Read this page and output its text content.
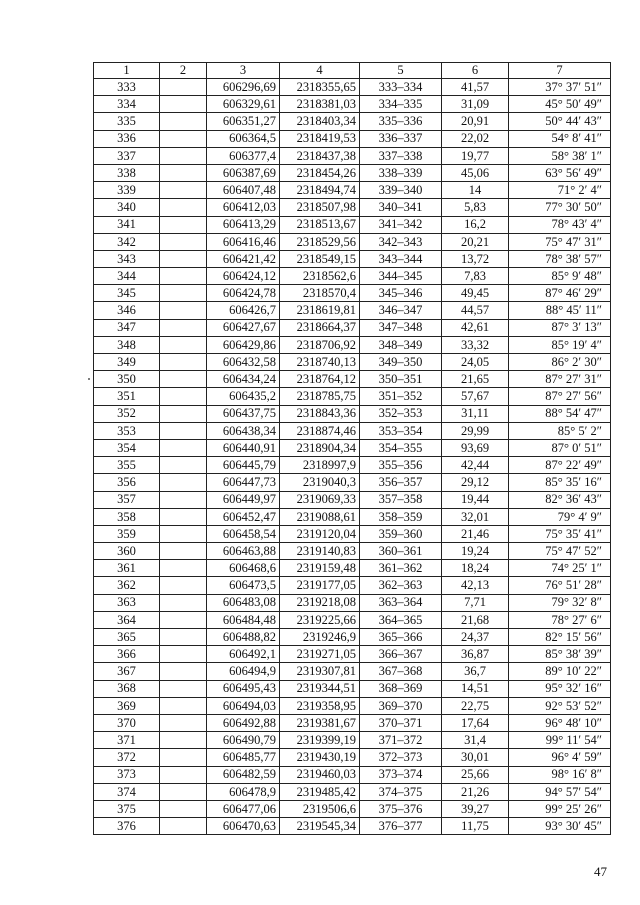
1	2	3	4	5	6	7
333		606296,69	2318355,65	333–334	41,57	37° 37′ 51″
334		606329,61	2318381,03	334–335	31,09	45° 50′ 49″
335		606351,27	2318403,34	335–336	20,91	50° 44′ 43″
336		606364,5	2318419,53	336–337	22,02	54° 8′ 41″
337		606377,4	2318437,38	337–338	19,77	58° 38′ 1″
338		606387,69	2318454,26	338–339	45,06	63° 56′ 49″
339		606407,48	2318494,74	339–340	14	71° 2′ 4″
340		606412,03	2318507,98	340–341	5,83	77° 30′ 50″
341		606413,29	2318513,67	341–342	16,2	78° 43′ 4″
342		606416,46	2318529,56	342–343	20,21	75° 47′ 31″
343		606421,42	2318549,15	343–344	13,72	78° 38′ 57″
344		606424,12	2318562,6	344–345	7,83	85° 9′ 48″
345		606424,78	2318570,4	345–346	49,45	87° 46′ 29″
346		606426,7	2318619,81	346–347	44,57	88° 45′ 11″
347		606427,67	2318664,37	347–348	42,61	87° 3′ 13″
348		606429,86	2318706,92	348–349	33,32	85° 19′ 4″
349		606432,58	2318740,13	349–350	24,05	86° 2′ 30″
350		606434,24	2318764,12	350–351	21,65	87° 27′ 31″
351		606435,2	2318785,75	351–352	57,67	87° 27′ 56″
352		606437,75	2318843,36	352–353	31,11	88° 54′ 47″
353		606438,34	2318874,46	353–354	29,99	85° 5′ 2″
354		606440,91	2318904,34	354–355	93,69	87° 0′ 51″
355		606445,79	2318997,9	355–356	42,44	87° 22′ 49″
356		606447,73	2319040,3	356–357	29,12	85° 35′ 16″
357		606449,97	2319069,33	357–358	19,44	82° 36′ 43″
358		606452,47	2319088,61	358–359	32,01	79° 4′ 9″
359		606458,54	2319120,04	359–360	21,46	75° 35′ 41″
360		606463,88	2319140,83	360–361	19,24	75° 47′ 52″
361		606468,6	2319159,48	361–362	18,24	74° 25′ 1″
362		606473,5	2319177,05	362–363	42,13	76° 51′ 28″
363		606483,08	2319218,08	363–364	7,71	79° 32′ 8″
364		606484,48	2319225,66	364–365	21,68	78° 27′ 6″
365		606488,82	2319246,9	365–366	24,37	82° 15′ 56″
366		606492,1	2319271,05	366–367	36,87	85° 38′ 39″
367		606494,9	2319307,81	367–368	36,7	89° 10′ 22″
368		606495,43	2319344,51	368–369	14,51	95° 32′ 16″
369		606494,03	2319358,95	369–370	22,75	92° 53′ 52″
370		606492,88	2319381,67	370–371	17,64	96° 48′ 10″
371		606490,79	2319399,19	371–372	31,4	99° 11′ 54″
372		606485,77	2319430,19	372–373	30,01	96° 4′ 59″
373		606482,59	2319460,03	373–374	25,66	98° 16′ 8″
374		606478,9	2319485,42	374–375	21,26	94° 57′ 54″
375		606477,06	2319506,6	375–376	39,27	99° 25′ 26″
376		606470,63	2319545,34	376–377	11,75	93° 30′ 45″
47
